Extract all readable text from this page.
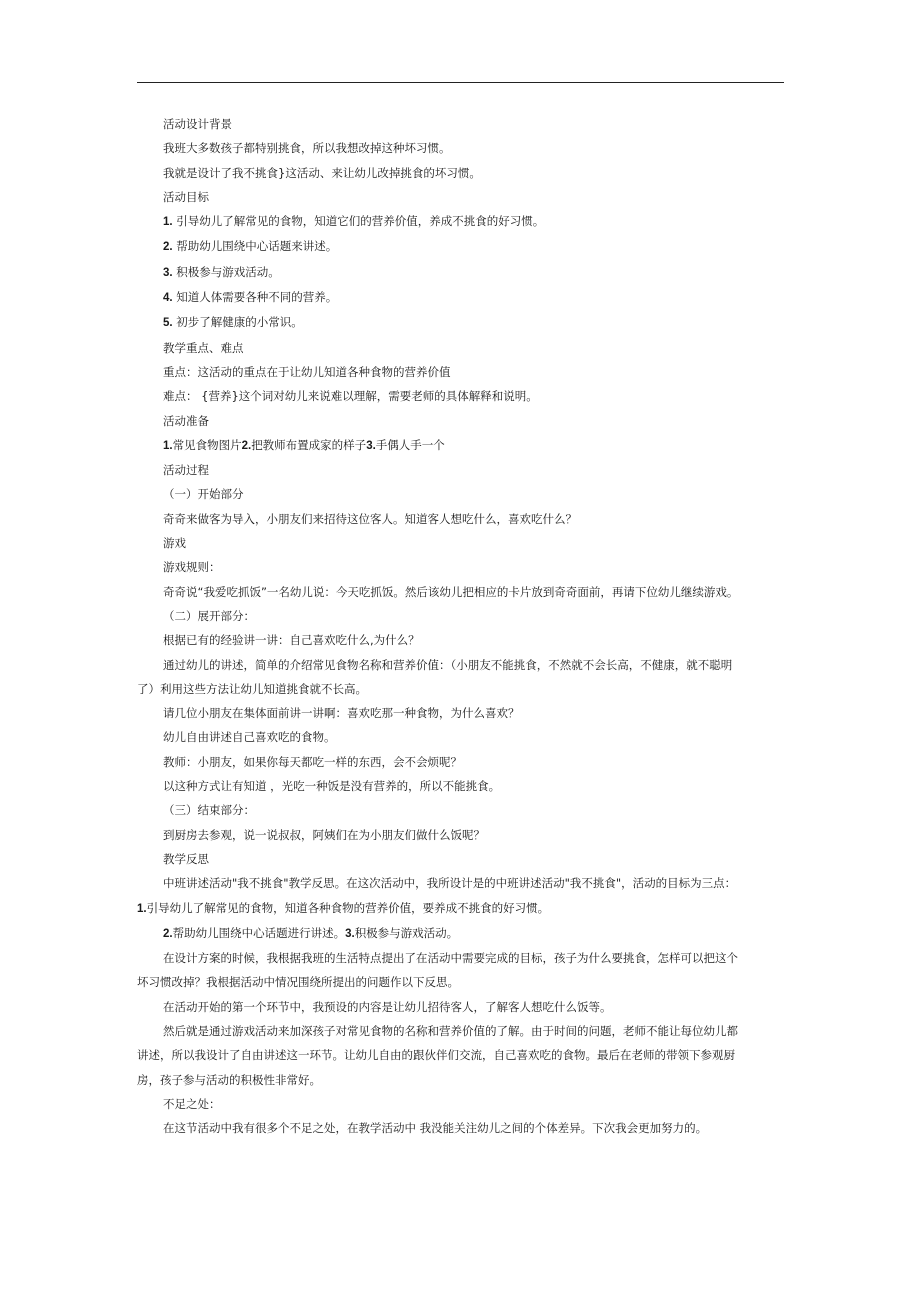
活动设计背景

我班大多数孩子都特别挑食，所以我想改掉这种坏习惯。

我就是设计了我不挑食}这活动、来让幼儿改掉挑食的坏习惯。

活动目标

1. 引导幼儿了解常见的食物，知道它们的营养价值，养成不挑食的好习惯。

2. 帮助幼儿围绕中心话题来讲述。

3. 积极参与游戏活动。

4. 知道人体需要各种不同的营养。

5. 初步了解健康的小常识。

教学重点、难点

重点：这活动的重点在于让幼儿知道各种食物的营养价值

难点： {营养}这个词对幼儿来说难以理解，需要老师的具体解释和说明。

活动准备

1.常见食物图片2.把教师布置成家的样子3.手偶人手一个

活动过程

（一）开始部分

奇奇来做客为导入，小朋友们来招待这位客人。知道客人想吃什么，喜欢吃什么？

游戏

游戏规则：

奇奇说“我爱吃抓饭”一名幼儿说：今天吃抓饭。然后该幼儿把相应的卡片放到奇奇面前，再请下位幼儿继续游戏。

（二）展开部分：

根据已有的经验讲一讲：自己喜欢吃什么,为什么？

通过幼儿的讲述，简单的介绍常见食物名称和营养价值：（小朋友不能挑食，不然就不会长高，不健康，就不聪明

了）利用这些方法让幼儿知道挑食就不长高。

请几位小朋友在集体面前讲一讲啊：喜欢吃那一种食物，为什么喜欢？

幼儿自由讲述自己喜欢吃的食物。

教师：小朋友，如果你每天都吃一样的东西，会不会烦呢？

以这种方式让有知道 ，光吃一种饭是没有营养的，所以不能挑食。

（三）结束部分：

到厨房去参观，说一说叔叔，阿姨们在为小朋友们做什么饭呢？

教学反思

中班讲述活动"我不挑食"教学反思。在这次活动中，我所设计是的中班讲述活动"我不挑食"，活动的目标为三点：

1.引导幼儿了解常见的食物，知道各种食物的营养价值，要养成不挑食的好习惯。

2.帮助幼儿围绕中心话题进行讲述。3.积极参与游戏活动。

在设计方案的时候，我根据我班的生活特点提出了在活动中需要完成的目标，孩子为什么要挑食，怎样可以把这个

坏习惯改掉？我根据活动中情况围绕所提出的问题作以下反思。

在活动开始的第一个环节中，我预设的内容是让幼儿招待客人，了解客人想吃什么饭等。

然后就是通过游戏活动来加深孩子对常见食物的名称和营养价值的了解。由于时间的问题，老师不能让每位幼儿都

讲述，所以我设计了自由讲述这一环节。让幼儿自由的跟伙伴们交流，自己喜欢吃的食物。最后在老师的带领下参观厨

房，孩子参与活动的积极性非常好。

不足之处：

在这节活动中我有很多个不足之处，在教学活动中 我没能关注幼儿之间的个体差异。下次我会更加努力的。
